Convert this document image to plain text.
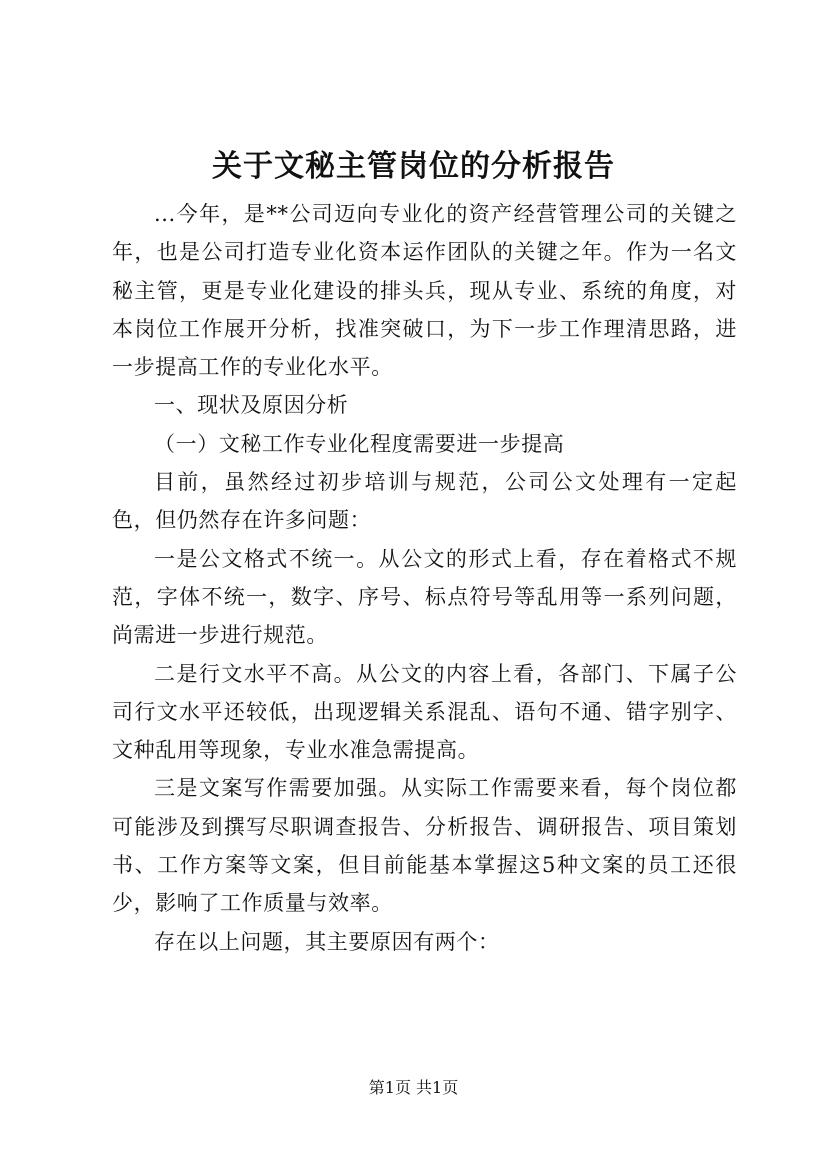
关于文秘主管岗位的分析报告

...今年，是**公司迈向专业化的资产经营管理公司的关键之年，也是公司打造专业化资本运作团队的关键之年。作为一名文秘主管，更是专业化建设的排头兵，现从专业、系统的角度，对本岗位工作展开分析，找准突破口，为下一步工作理清思路，进一步提高工作的专业化水平。

一、现状及原因分析

（一）文秘工作专业化程度需要进一步提高

目前，虽然经过初步培训与规范，公司公文处理有一定起色，但仍然存在许多问题：

一是公文格式不统一。从公文的形式上看，存在着格式不规范，字体不统一，数字、序号、标点符号等乱用等一系列问题，尚需进一步进行规范。

二是行文水平不高。从公文的内容上看，各部门、下属子公司行文水平还较低，出现逻辑关系混乱、语句不通、错字别字、文种乱用等现象，专业水准急需提高。

三是文案写作需要加强。从实际工作需要来看，每个岗位都可能涉及到撰写尽职调查报告、分析报告、调研报告、项目策划书、工作方案等文案，但目前能基本掌握这5种文案的员工还很少，影响了工作质量与效率。

存在以上问题，其主要原因有两个：

第1页 共1页
